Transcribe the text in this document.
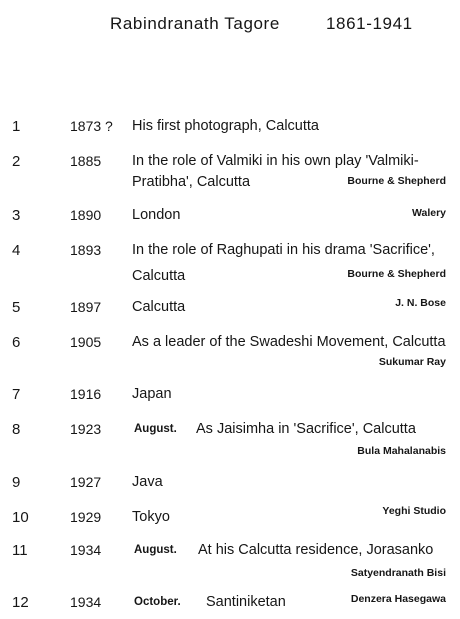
Rabindranath Tagore	1861-1941
1	1873 ? His first photograph, Calcutta
2	1885 In the role of Valmiki in his own play 'Valmiki-
Pratibha', Calcutta	Bourne & Shepherd
3	1890 London	Walery
4	1893 In the role of Raghupati in his drama 'Sacrifice',
Calcutta	Bourne & Shepherd
5	1897 Calcutta	J. N. Bose
6	1905 As a leader of the Swadeshi Movement, Calcutta
Sukumar Ray
7	1916 Japan
8	1923	August. As Jaisimha in 'Sacrifice', Calcutta
Bula Mahalanabis
9	1927 Java
10	1929 Tokyo	Yeghi Studio
11	1934	August. At his Calcutta residence, Jorasanko
Satyendranath Bisi
12	1934	October. Santiniketan	Denzera Hasegawa
